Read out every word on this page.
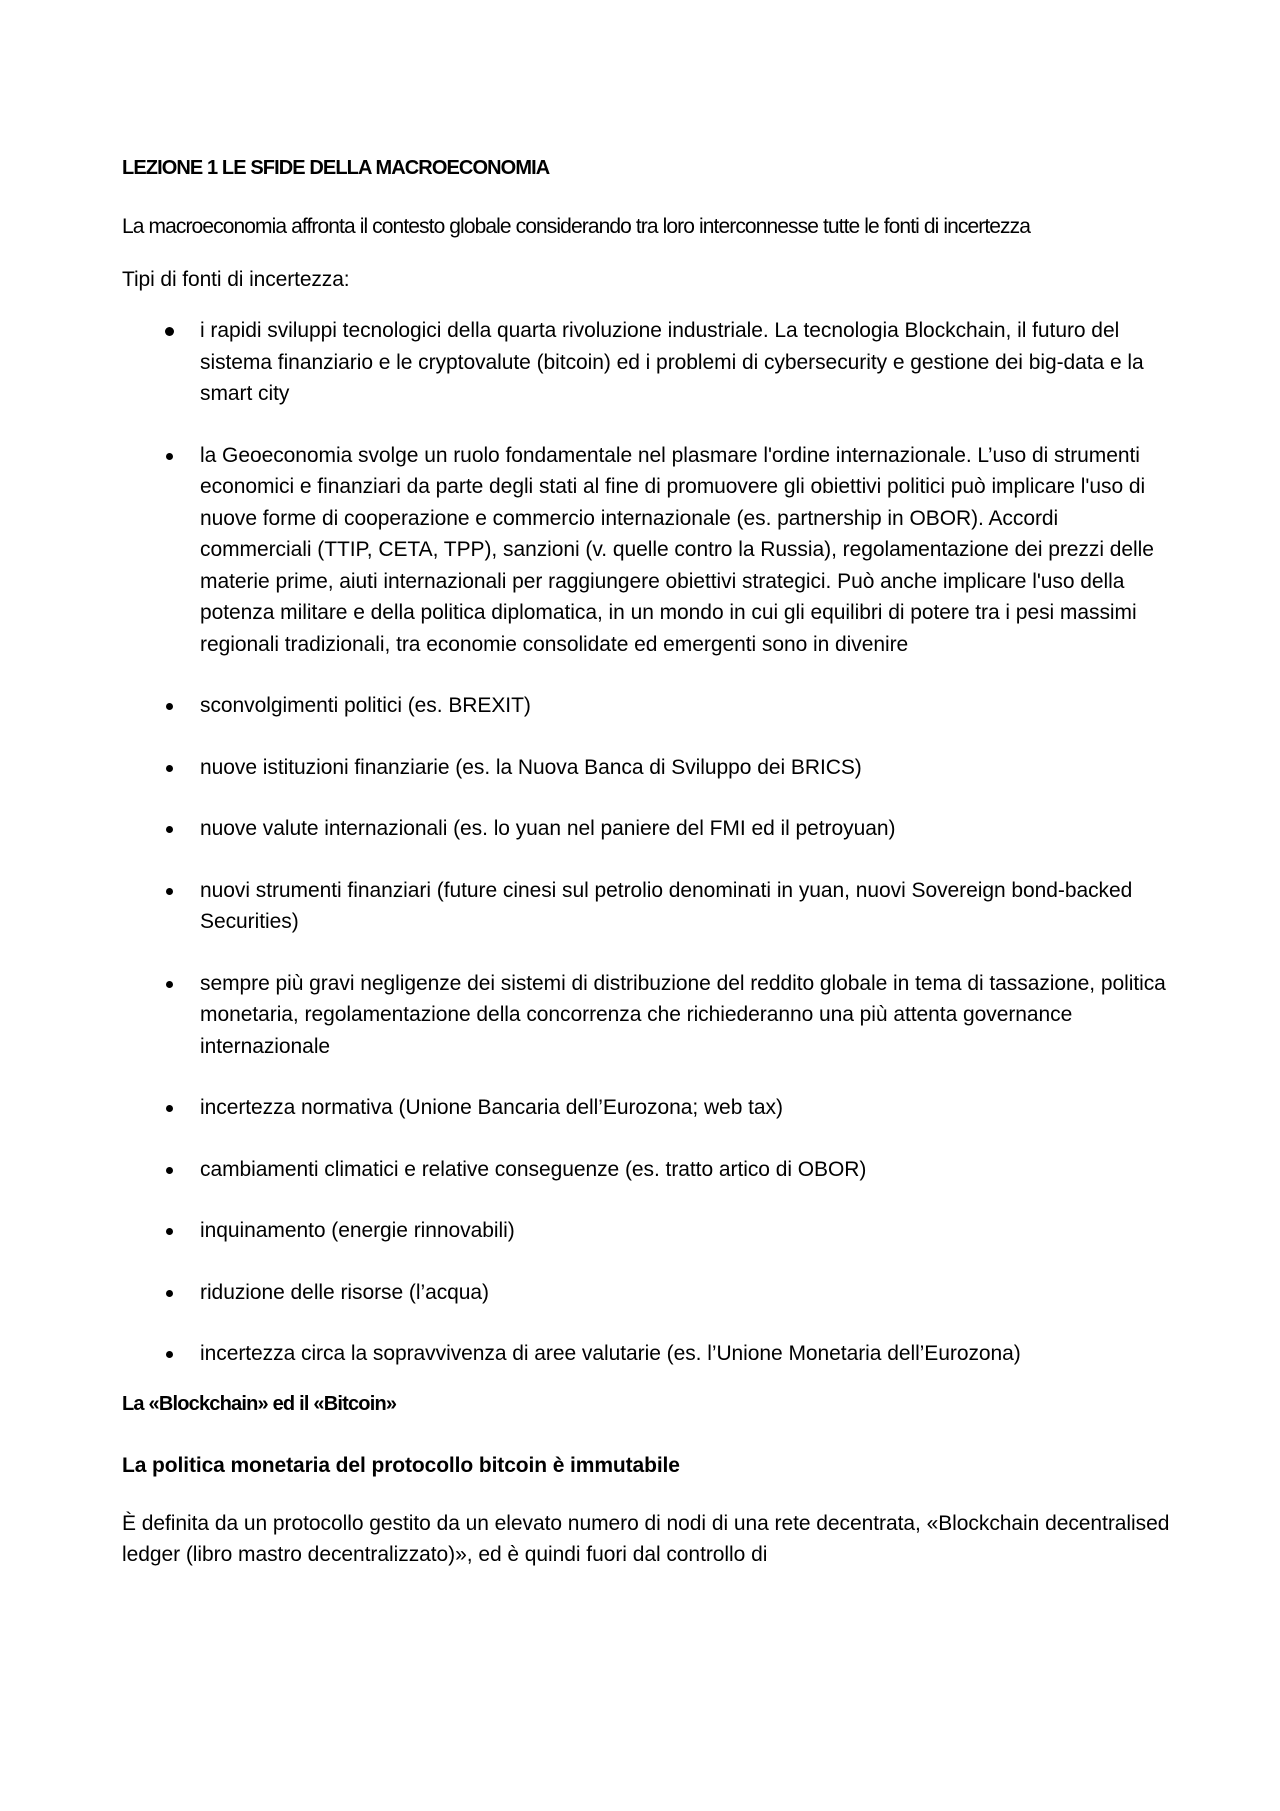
LEZIONE 1 LE SFIDE DELLA MACROECONOMIA
La macroeconomia affronta il contesto globale considerando tra loro interconnesse tutte le fonti di incertezza
Tipi di fonti di incertezza:
i rapidi sviluppi tecnologici della quarta rivoluzione industriale. La tecnologia Blockchain, il futuro del sistema finanziario e le cryptovalute (bitcoin) ed i problemi di cybersecurity e gestione dei big-data e la smart city
la Geoeconomia svolge un ruolo fondamentale nel plasmare l'ordine internazionale. L’uso di strumenti economici e finanziari da parte degli stati al fine di promuovere gli obiettivi politici può implicare l'uso di nuove forme di cooperazione e commercio internazionale (es. partnership in OBOR). Accordi commerciali (TTIP, CETA, TPP), sanzioni (v. quelle contro la Russia), regolamentazione dei prezzi delle materie prime, aiuti internazionali per raggiungere obiettivi strategici. Può anche implicare l'uso della potenza militare e della politica diplomatica, in un mondo in cui gli equilibri di potere tra i pesi massimi regionali tradizionali, tra economie consolidate ed emergenti sono in divenire
sconvolgimenti politici (es. BREXIT)
nuove istituzioni finanziarie (es. la Nuova Banca di Sviluppo dei BRICS)
nuove valute internazionali (es. lo yuan nel paniere del FMI ed il petroyuan)
nuovi strumenti finanziari (future cinesi sul petrolio denominati in yuan, nuovi Sovereign bond-backed Securities)
sempre più gravi negligenze dei sistemi di distribuzione del reddito globale in tema di tassazione, politica monetaria, regolamentazione della concorrenza che richiederanno una più attenta governance internazionale
incertezza normativa (Unione Bancaria dell’Eurozona; web tax)
cambiamenti climatici e relative conseguenze (es. tratto artico di OBOR)
inquinamento (energie rinnovabili)
riduzione delle risorse (l’acqua)
incertezza circa la sopravvivenza di aree valutarie (es. l’Unione Monetaria dell’Eurozona)
La «Blockchain» ed il «Bitcoin»
La politica monetaria del protocollo bitcoin è immutabile

È definita da un protocollo gestito da un elevato numero di nodi di una rete decentrata, «Blockchain decentralised ledger (libro mastro decentralizzato)», ed è quindi fuori dal controllo di
